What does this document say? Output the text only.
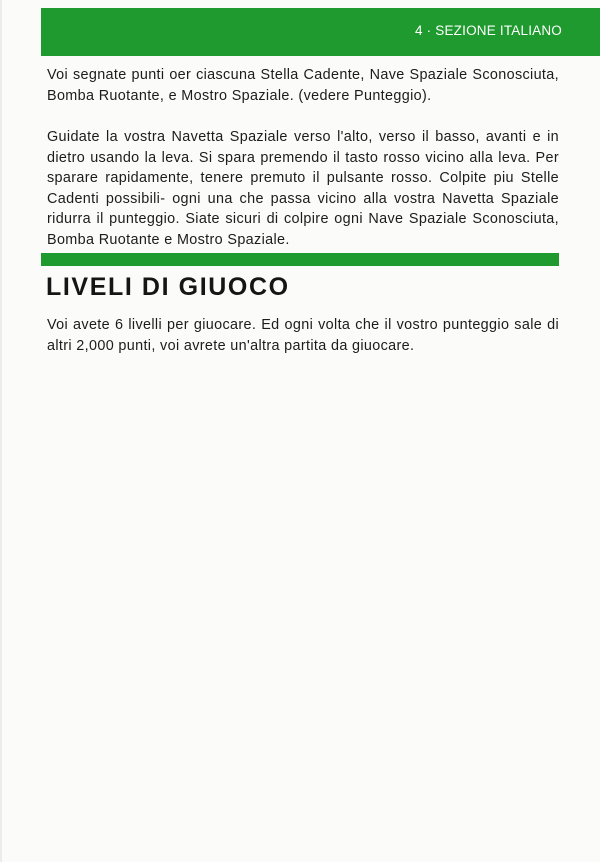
4 · SEZIONE ITALIANO

Voi segnate punti oer ciascuna Stella Cadente, Nave Spaziale Sconosciuta, Bomba Ruotante, e Mostro Spaziale. (vedere Punteggio).

Guidate la vostra Navetta Spaziale verso l'alto, verso il basso, avanti e in dietro usando la leva. Si spara premendo il tasto rosso vicino alla leva. Per sparare rapidamente, tenere premuto il pulsante rosso. Colpite piu Stelle Cadenti possibili- ogni una che passa vicino alla vostra Navetta Spaziale ridurra il punteggio. Siate sicuri di colpire ogni Nave Spaziale Sconosciuta, Bomba Ruotante e Mostro Spaziale.

LIVELI DI GIUOCO

Voi avete 6 livelli per giuocare. Ed ogni volta che il vostro punteggio sale di altri 2,000 punti, voi avrete un'altra partita da giuocare.
